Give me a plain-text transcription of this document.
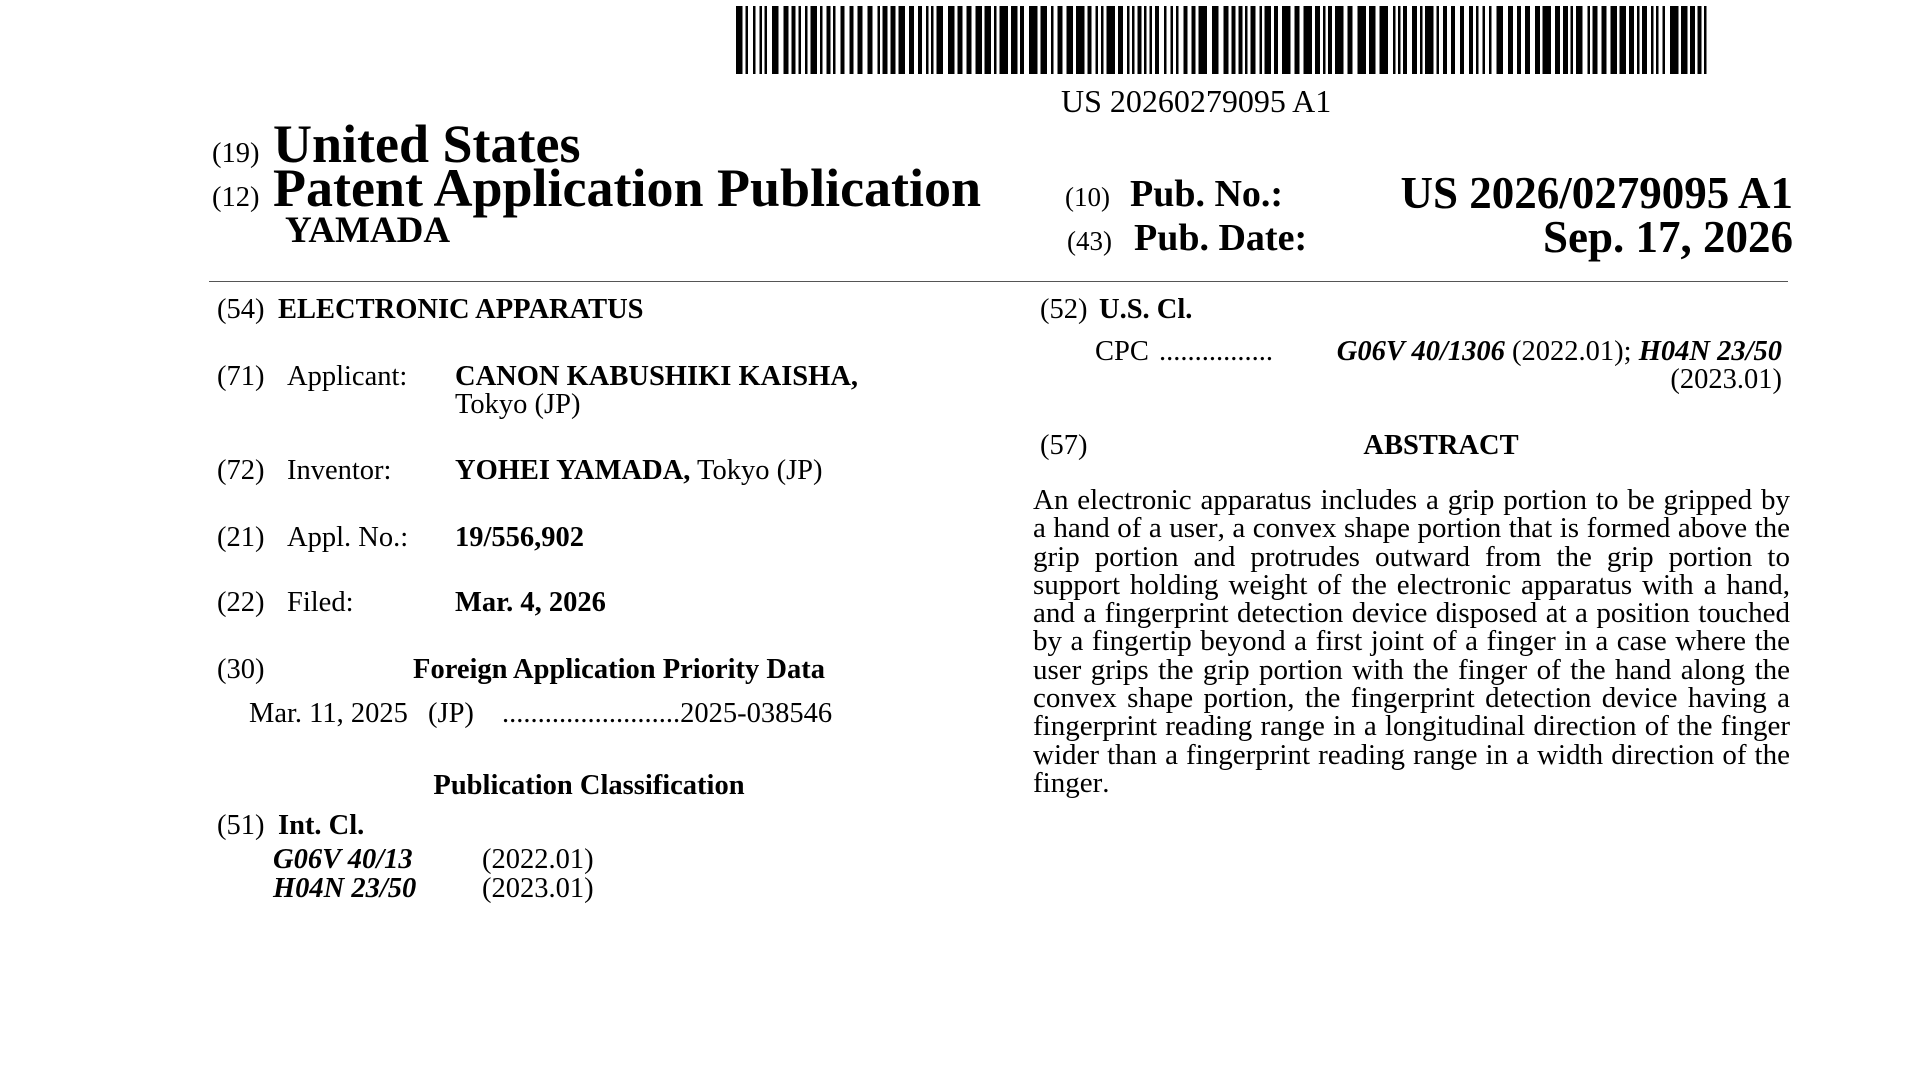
US 20260279095 A1
(19) United States
(12) Patent Application Publication
YAMADA
(10) Pub. No.:	US 2026/0279095 A1
(43) Pub. Date:	Sep. 17, 2026
(54) ELECTRONIC APPARATUS
(71) Applicant: CANON KABUSHIKI KAISHA,
Tokyo (JP)
(72) Inventor: YOHEI YAMADA, Tokyo (JP)
(21) Appl. No.: 19/556,902
(22) Filed:	Mar. 4, 2026
(30)	Foreign Application Priority Data
Mar. 11, 2025 (JP) .........................2025-038546
Publication Classification
(51) Int. Cl.
G06V 40/13 (2022.01)
H04N 23/50 (2023.01)
(52) U.S. Cl.
CPC ................ G06V 40/1306 (2022.01); H04N 23/50
(2023.01)
(57)	ABSTRACT
An electronic apparatus includes a grip portion to be gripped by a hand of a user, a convex shape portion that is formed above the grip portion and protrudes outward from the grip portion to support holding weight of the electronic apparatus with a hand, and a fingerprint detection device disposed at a position touched by a fingertip beyond a first joint of a finger in a case where the user grips the grip portion with the finger of the hand along the convex shape portion, the fingerprint detection device having a fingerprint reading range in a longitudinal direction of the finger wider than a fingerprint reading range in a width direction of the finger.
